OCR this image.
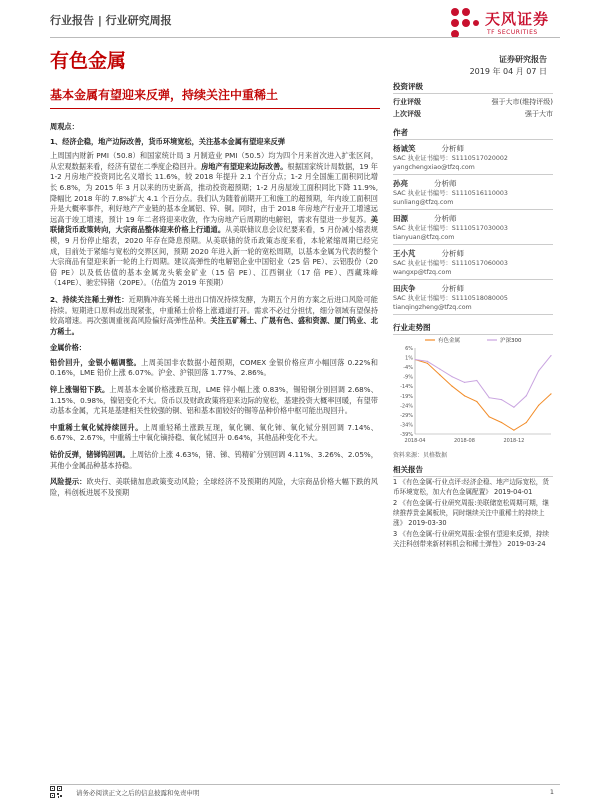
行业报告 | 行业研究周报	天风证券
TF SECURITIES
有色金属	证券研究报告
2019 年 04 月 07 日
基本金属有望迎来反弹，持续关注中重稀土

周观点：

1、经济企稳，地产边际改善，货币环境宽松，关注基本金属有望迎来反弹

上周国内财新 PMI（50.8）和国家统计局 3 月制造业 PMI（50.5）均为四个月来首次进入扩张区间，从宏观数据来看，经济有望在二季度企稳回升。房地产有望迎来边际改善。根据国家统计局数据，19 年 1-2 月房地产投资同比名义增长 11.6%，较 2018 年提升 2.1 个百分点；1-2 月全国施工面积同比增长 6.8%，为 2015 年 3 月以来的历史新高，推动投资超预期；1-2 月房屋竣工面积同比下降 11.9%,降幅比 2018 年的 7.8%扩大 4.1 个百分点。我们认为随着前期开工和施工的超预期，年内竣工面积回升是大概率事件，利好地产产业链的基本金属铝、锌、铜。同时，由于 2018 年房地产行业开工增速远远高于竣工增速，预计 19 年二者将迎来收敛，作为房地产后周期的电解铝，需求有望进一步复苏。美联储货币政策转向，大宗商品整体迎来价格上行通道。从美联储议息会议纪要来看，5 月份减小缩表规模，9 月份停止缩表，2020 年存在降息预期。从美联储的货币政策态度来看，本轮紧缩周期已经完成，目前处于紧缩与宽松的交界区间，预期 2020 年进入新一轮的宽松周期，以基本金属为代表的整个大宗商品有望迎来新一轮的上行周期。建议高弹性的电解铝企业中国铝业（25 倍 PE）、云铝股份（20 倍 PE）以及低估值的基本金属龙头紫金矿业（15 倍 PE）、江西铜业（17 倍 PE）、西藏珠峰（14PE）、驰宏锌锗（20PE）。（估值为 2019 年预期）

2、持续关注稀土弹性：近期腾冲海关稀土进出口情况持续发酵，为期五个月的方案之后进口风险可能持续。短期进口原料或出现紧张，中重稀土价格上涨通道打开。需求不必过分担忧，细分领域有望保持较高增速。再次强调重视高风险偏好高弹性品种。关注五矿稀土、广晟有色、盛和资源、厦门钨业、北方稀土。

金属价格：

铅价回升，金银小幅调整。上周美国非农数据小超预期，COMEX 金银价格应声小幅回落 0.22%和 0.16%，LME 铅价上涨 6.07%。沪金、沪银回落 1.77%、2.86%。

锌上涨锡铅下跌。上周基本金属价格涨跌互现，LME 锌小幅上涨 0.83%，锡铅铜分别回调 2.68%、1.15%、0.98%，镍铝变化不大。货币以及财政政策将迎来边际的宽松，基建投资大概率回暖，有望带动基本金属，尤其是基建相关性较强的铜、铝和基本面较好的锡等品种价格中枢可能出现回升。

中重稀土氧化铽持续回升。上周重轻稀土涨跌互现，氧化镧、氧化铈、氧化铽分别回调 7.14%、6.67%、2.67%，中重稀土中氧化镝持稳、氧化铽回升 0.64%，其他品种变化不大。

钴价反弹，锗锑钨回调。上周钴价上涨 4.63%，锗、锑、钨精矿分别回调 4.11%、3.26%、2.05%，其他小金属品种基本持稳。

风险提示：欧央行、美联储加息政策变动风险；全球经济不及预期的风险，大宗商品价格大幅下跌的风险，科创板进展不及预期

投资评级
行业评级	强于大市(维持评级)
上次评级	强于大市
作者
杨诚笑	分析师
SAC 执业证书编号：S1110517020002
yangchengxiao@tfzq.com
孙亮	分析师
SAC 执业证书编号：S1110516110003
sunliang@tfzq.com
田源	分析师
SAC 执业证书编号：S1110517030003
tianyuan@tfzq.com
王小芃	分析师
SAC 执业证书编号：S1110517060003
wangxp@tfzq.com
田庆争	分析师
SAC 执业证书编号：S1110518080005
tianqingzheng@tfzq.com
行业走势图
6%
1%
-4%
-9%
-14%
-19%
-24%
-29%
-34%
-39%
2018-04	2018-08	2018-12
有色金属	沪深300
资料来源：贝格数据
相关报告
1 《有色金属-行业点评:经济企稳、地产边际宽松，货币环境宽松，加大有色金属配置》 2019-04-01
2 《有色金属-行业研究周报:美联储宽松周期可期，继续推荐贵金属板块，同时继续关注中重稀土的持续上涨》 2019-03-30
3 《有色金属-行业研究周报:金银有望迎来反弹，持续关注科创带来新材料机会和稀土弹性》 2019-03-24
请务必阅读正文之后的信息披露和免责申明	1
